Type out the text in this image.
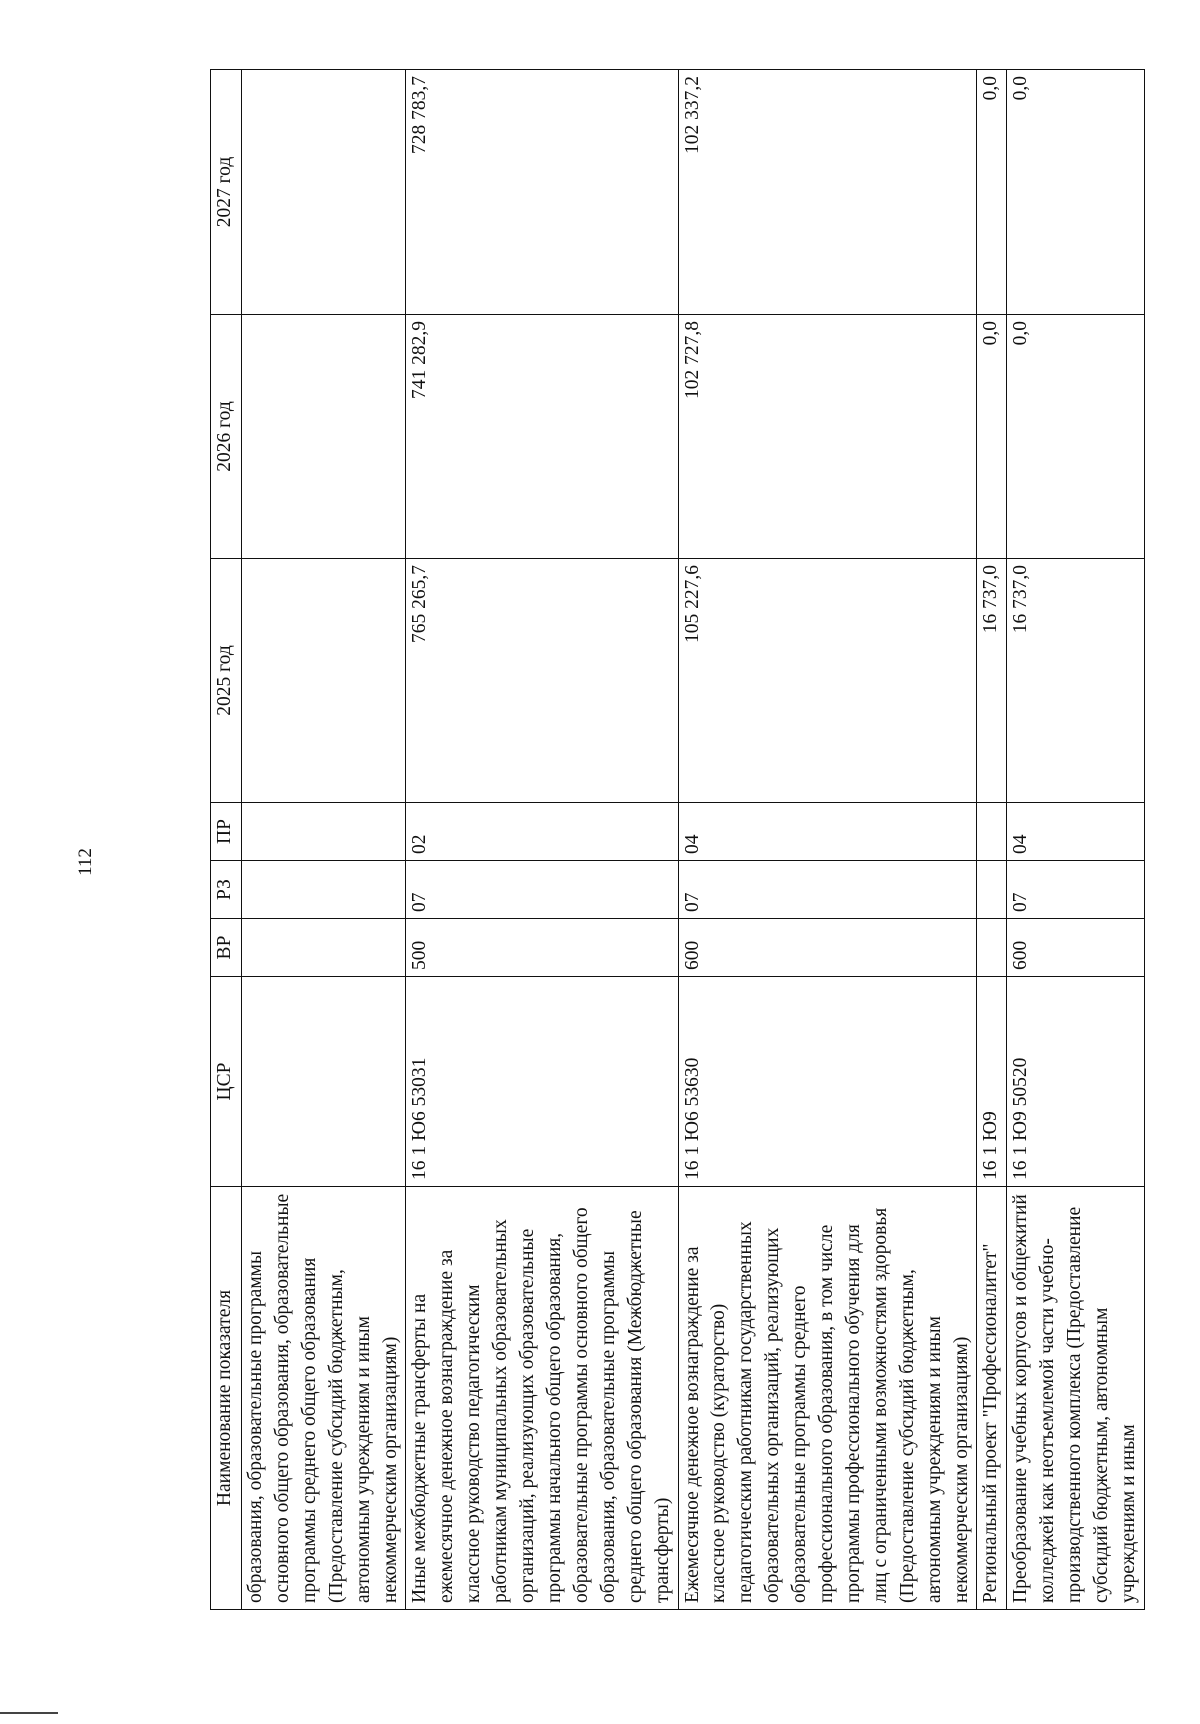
112
Наименование показателя	ЦСР	ВР	РЗ	ПР	2025 год	2026 год	2027 год
образования, образовательные программы основного общего образования, образовательные программы среднего общего образования (Предоставление субсидий бюджетным, автономным учреждениям и иным некоммерческим организациям)							
Иные межбюджетные трансферты на ежемесячное денежное вознаграждение за классное руководство педагогическим работникам муниципальных образовательных организаций, реализующих образовательные программы начального общего образования, образовательные программы основного общего образования, образовательные программы среднего общего образования (Межбюджетные трансферты)	16 1 Ю6 53031	500	07	02	765 265,7	741 282,9	728 783,7
Ежемесячное денежное вознаграждение за классное руководство (кураторство) педагогическим работникам государственных образовательных организаций, реализующих образовательные программы среднего профессионального образования, в том числе программы профессионального обучения для лиц с ограниченными возможностями здоровья (Предоставление субсидий бюджетным, автономным учреждениям и иным некоммерческим организациям)	16 1 Ю6 53630	600	07	04	105 227,6	102 727,8	102 337,2
Региональный проект "Профессионалитет"	16 1 Ю9				16 737,0	0,0	0,0
Преобразование учебных корпусов и общежитий колледжей как неотъемлемой части учебно-производственного комплекса (Предоставление субсидий бюджетным, автономным учреждениям и иным	16 1 Ю9 50520	600	07	04	16 737,0	0,0	0,0
